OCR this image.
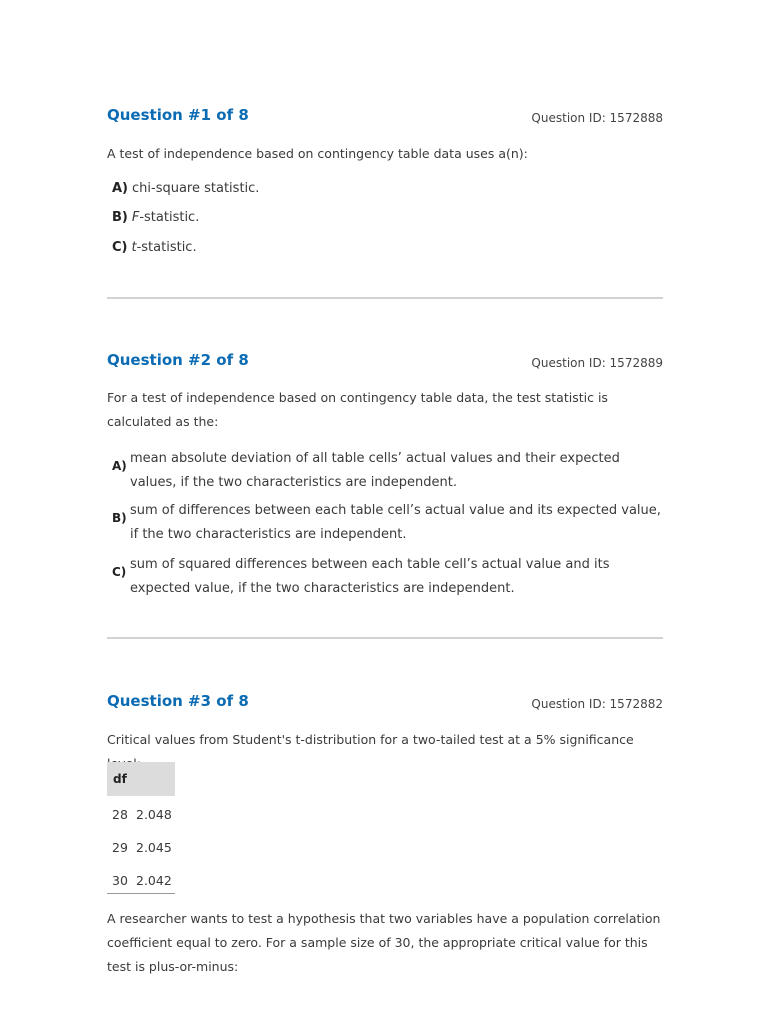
Question #1 of 8	Question ID: 1572888
A test of independence based on contingency table data uses a(n):
A) chi-square statistic.
B) F-statistic.
C) t-statistic.
Question #2 of 8	Question ID: 1572889
For a test of independence based on contingency table data, the test statistic is calculated as the:
A) mean absolute deviation of all table cells’ actual values and their expected values, if the two characteristics are independent.
B) sum of differences between each table cell’s actual value and its expected value, if the two characteristics are independent.
C) sum of squared differences between each table cell’s actual value and its expected value, if the two characteristics are independent.
Question #3 of 8	Question ID: 1572882
Critical values from Student's t-distribution for a two-tailed test at a 5% significance
df
28 2.048
29 2.045
30 2.042
A researcher wants to test a hypothesis that two variables have a population correlation coefficient equal to zero. For a sample size of 30, the appropriate critical value for this test is plus-or-minus:
